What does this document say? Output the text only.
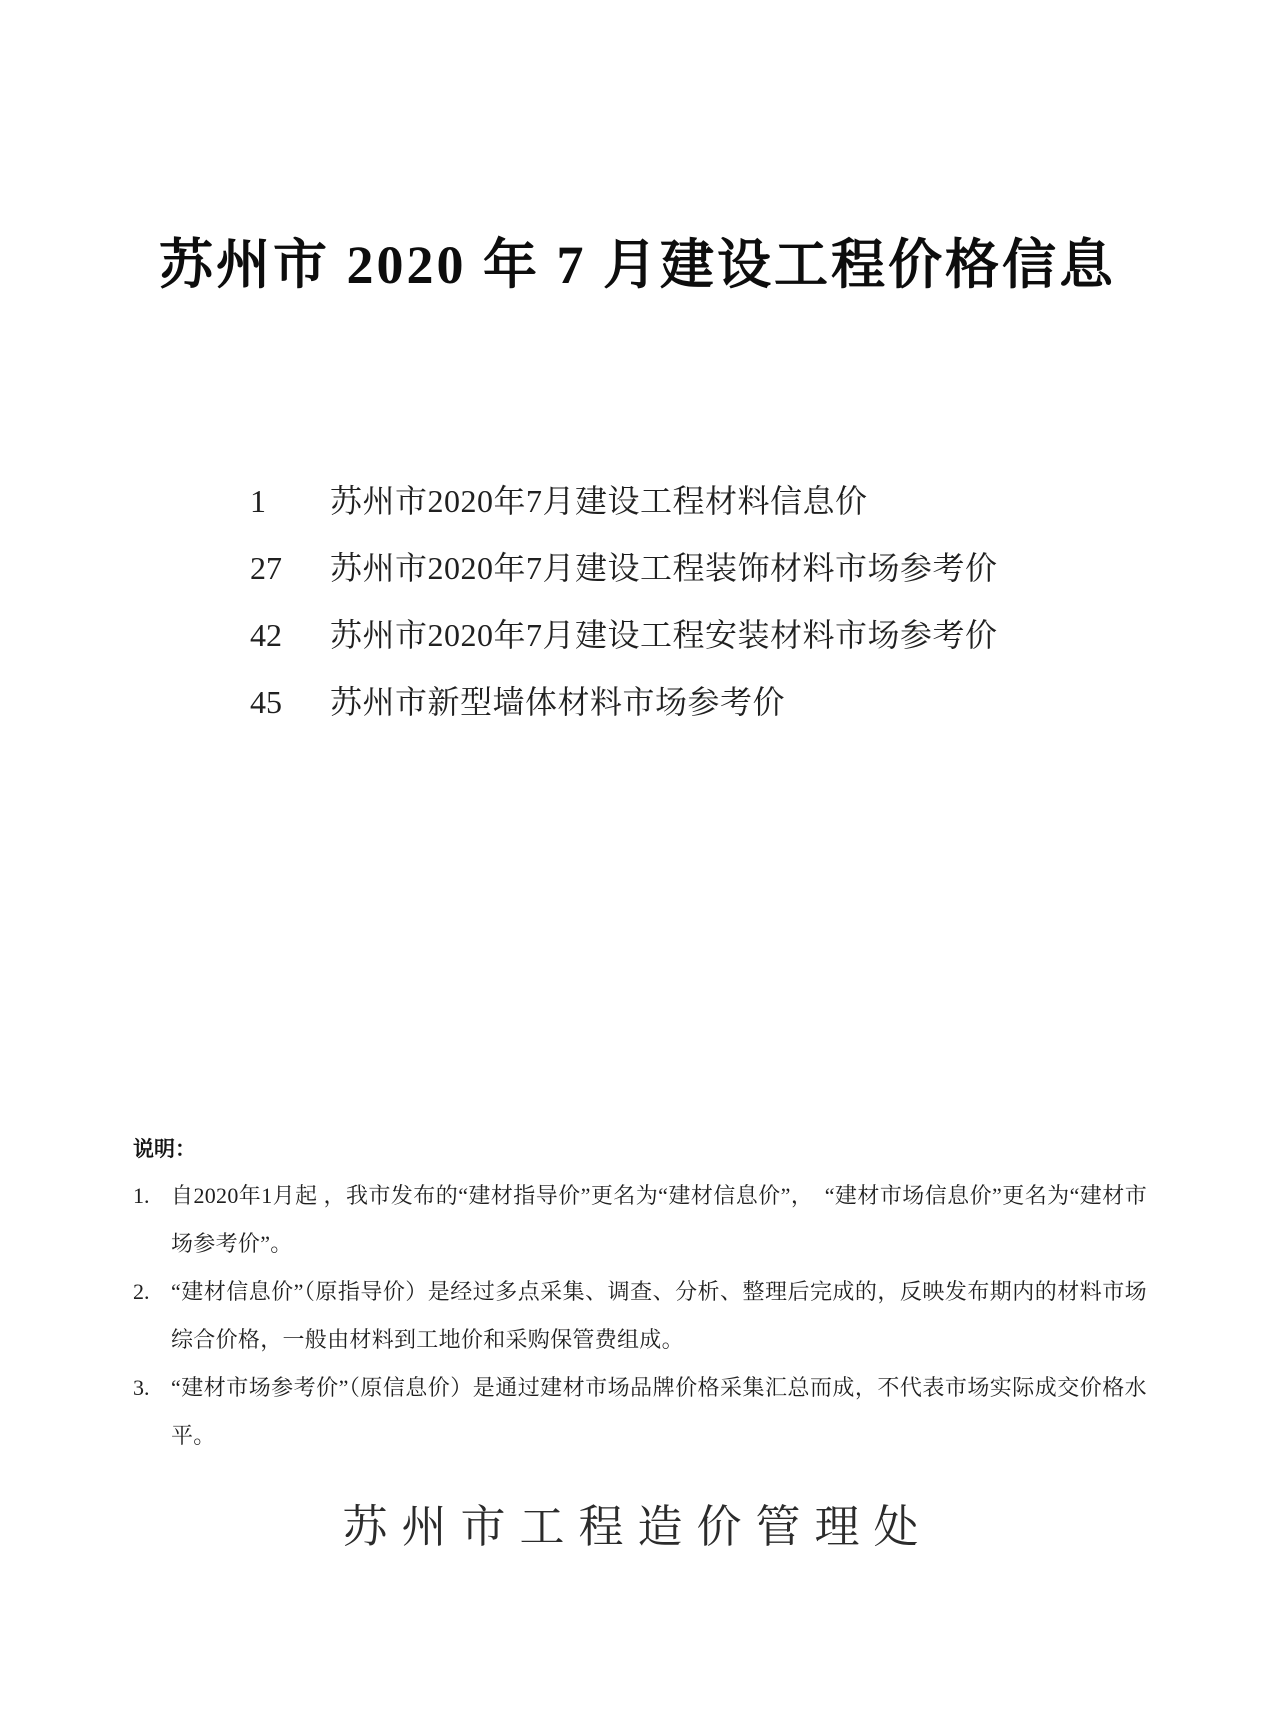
苏州市 2020 年 7 月建设工程价格信息
1	苏州市2020年7月建设工程材料信息价
27	苏州市2020年7月建设工程装饰材料市场参考价
42	苏州市2020年7月建设工程安装材料市场参考价
45	苏州市新型墙体材料市场参考价
说明：
1. 自2020年1月起 ，我市发布的“建材指导价”更名为“建材信息价”，　“建材市场信息价”更名为“建材市场参考价”。
2. “建材信息价”（原指导价）是经过多点采集、调查、分析、整理后完成的，反映发布期内的材料市场综合价格，一般由材料到工地价和采购保管费组成。
3. “建材市场参考价”（原信息价）是通过建材市场品牌价格采集汇总而成，不代表市场实际成交价格水平。
苏州市工程造价管理处
